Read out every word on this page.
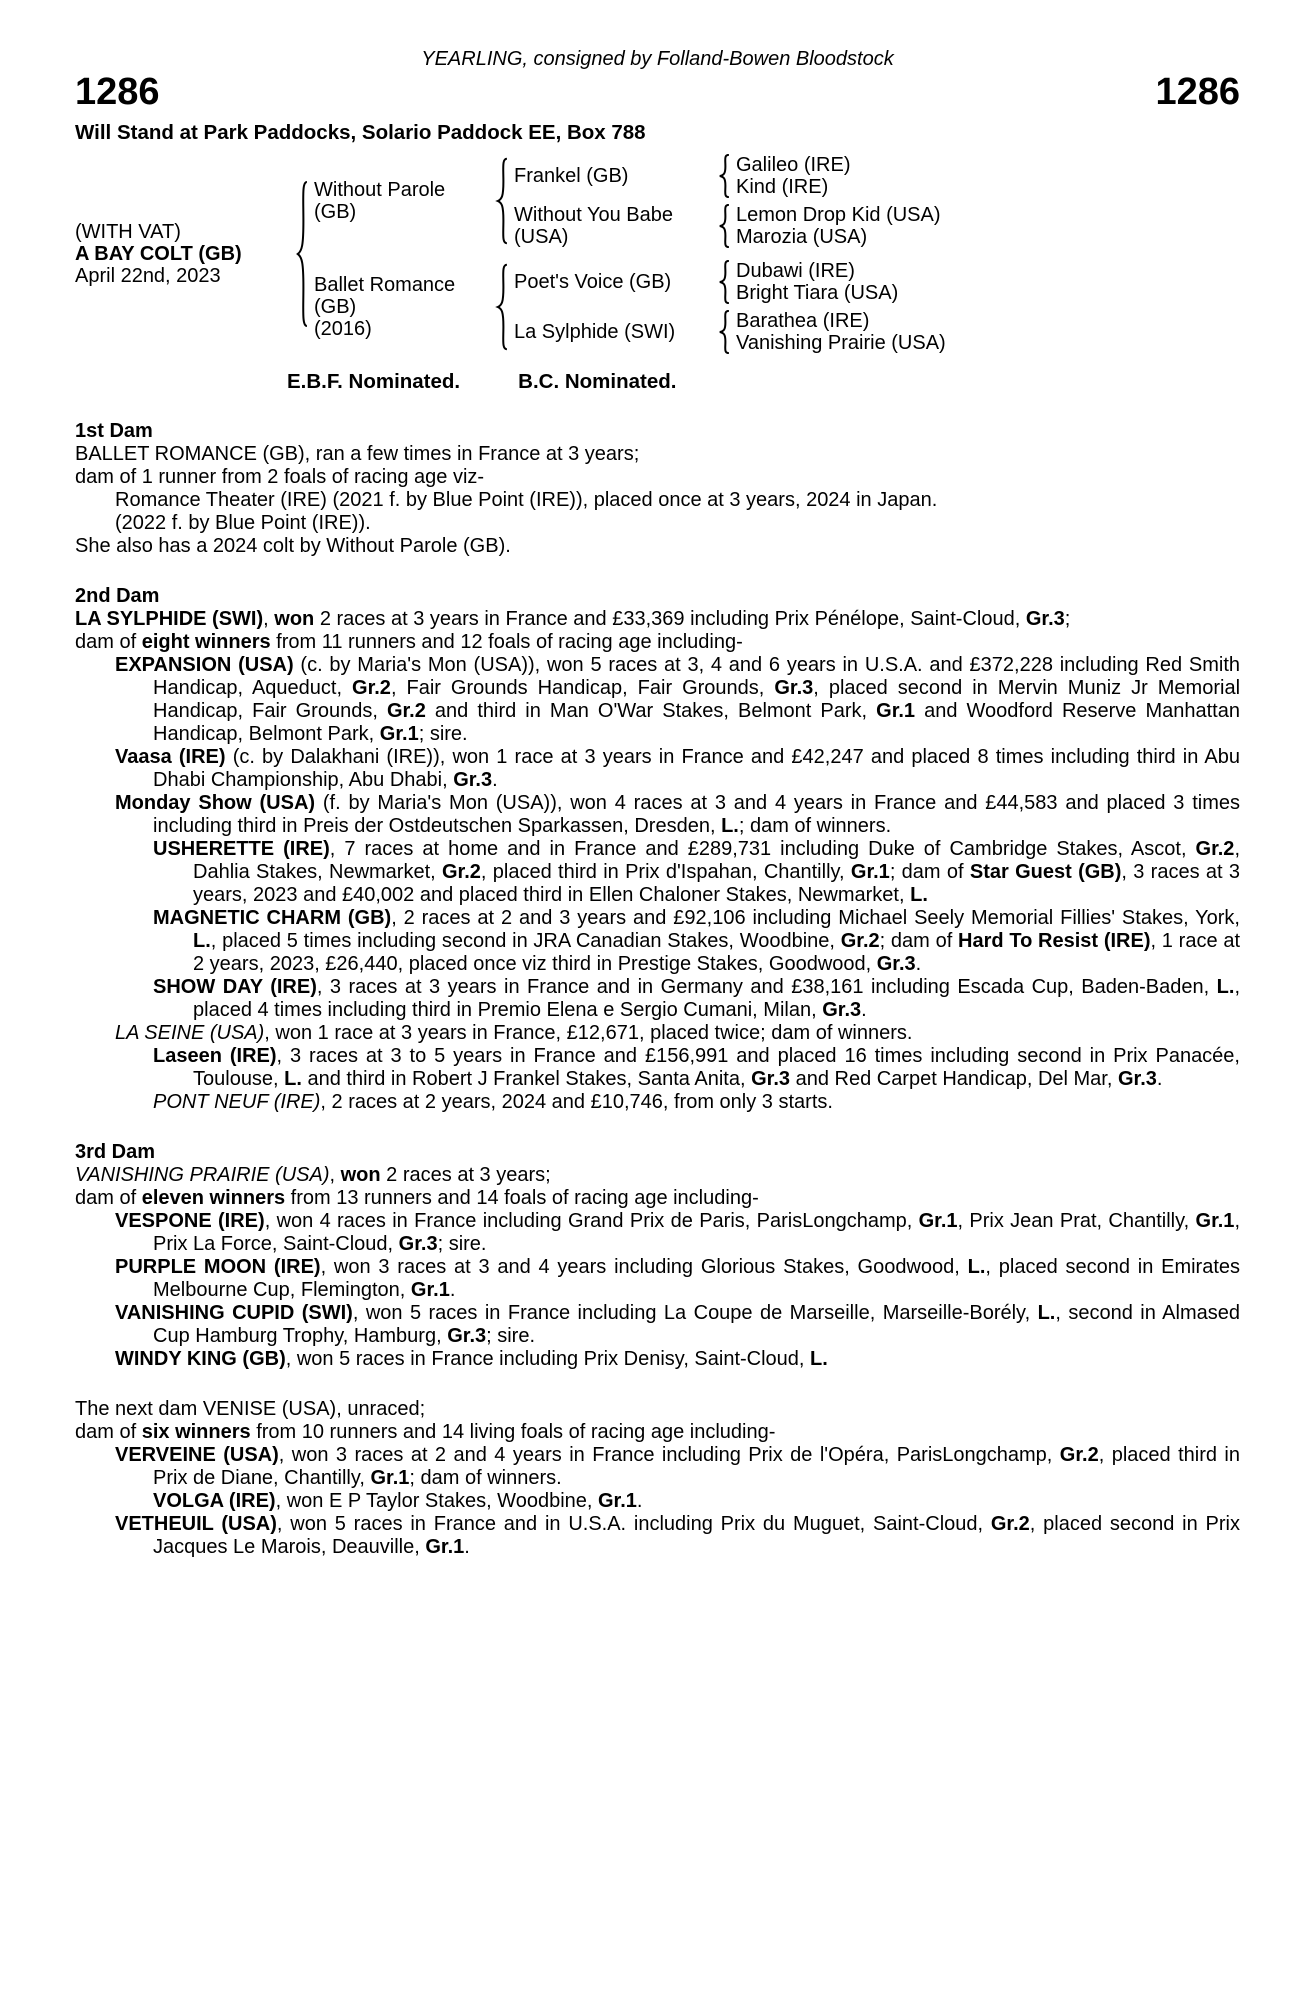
YEARLING, consigned by Folland-Bowen Bloodstock
1286	1286
Will Stand at Park Paddocks, Solario Paddock EE, Box 788
(WITH VAT)
A BAY COLT (GB)
April 22nd, 2023
Without Parole (GB)
Frankel (GB)	Galileo (IRE)
Kind (IRE)
Without You Babe (USA)
Lemon Drop Kid (USA)
Marozia (USA)
Ballet Romance (GB)
(2016)
Poet's Voice (GB)	Dubawi (IRE)
Bright Tiara (USA)
La Sylphide (SWI)	Barathea (IRE)
Vanishing Prairie (USA)
E.B.F. Nominated.	B.C. Nominated.
1st Dam

BALLET ROMANCE (GB), ran a few times in France at 3 years;

dam of 1 runner from 2 foals of racing age viz-

Romance Theater (IRE) (2021 f. by Blue Point (IRE)), placed once at 3 years, 2024 in Japan.

(2022 f. by Blue Point (IRE)).

She also has a 2024 colt by Without Parole (GB).

2nd Dam

LA SYLPHIDE (SWI), won 2 races at 3 years in France and £33,369 including Prix Pénélope, Saint-Cloud, Gr.3;

dam of eight winners from 11 runners and 12 foals of racing age including-

EXPANSION (USA) (c. by Maria's Mon (USA)), won 5 races at 3, 4 and 6 years in U.S.A. and £372,228 including Red Smith Handicap, Aqueduct, Gr.2, Fair Grounds Handicap, Fair Grounds, Gr.3, placed second in Mervin Muniz Jr Memorial Handicap, Fair Grounds, Gr.2 and third in Man O'War Stakes, Belmont Park, Gr.1 and Woodford Reserve Manhattan Handicap, Belmont Park, Gr.1; sire.

Vaasa (IRE) (c. by Dalakhani (IRE)), won 1 race at 3 years in France and £42,247 and placed 8 times including third in Abu Dhabi Championship, Abu Dhabi, Gr.3.

Monday Show (USA) (f. by Maria's Mon (USA)), won 4 races at 3 and 4 years in France and £44,583 and placed 3 times including third in Preis der Ostdeutschen Sparkassen, Dresden, L.; dam of winners.

USHERETTE (IRE), 7 races at home and in France and £289,731 including Duke of Cambridge Stakes, Ascot, Gr.2, Dahlia Stakes, Newmarket, Gr.2, placed third in Prix d'Ispahan, Chantilly, Gr.1; dam of Star Guest (GB), 3 races at 3 years, 2023 and £40,002 and placed third in Ellen Chaloner Stakes, Newmarket, L.

MAGNETIC CHARM (GB), 2 races at 2 and 3 years and £92,106 including Michael Seely Memorial Fillies' Stakes, York, L., placed 5 times including second in JRA Canadian Stakes, Woodbine, Gr.2; dam of Hard To Resist (IRE), 1 race at 2 years, 2023, £26,440, placed once viz third in Prestige Stakes, Goodwood, Gr.3.

SHOW DAY (IRE), 3 races at 3 years in France and in Germany and £38,161 including Escada Cup, Baden-Baden, L., placed 4 times including third in Premio Elena e Sergio Cumani, Milan, Gr.3.

LA SEINE (USA), won 1 race at 3 years in France, £12,671, placed twice; dam of winners.

Laseen (IRE), 3 races at 3 to 5 years in France and £156,991 and placed 16 times including second in Prix Panacée, Toulouse, L. and third in Robert J Frankel Stakes, Santa Anita, Gr.3 and Red Carpet Handicap, Del Mar, Gr.3.

PONT NEUF (IRE), 2 races at 2 years, 2024 and £10,746, from only 3 starts.

3rd Dam

VANISHING PRAIRIE (USA), won 2 races at 3 years;

dam of eleven winners from 13 runners and 14 foals of racing age including-

VESPONE (IRE), won 4 races in France including Grand Prix de Paris, ParisLongchamp, Gr.1, Prix Jean Prat, Chantilly, Gr.1, Prix La Force, Saint-Cloud, Gr.3; sire.

PURPLE MOON (IRE), won 3 races at 3 and 4 years including Glorious Stakes, Goodwood, L., placed second in Emirates Melbourne Cup, Flemington, Gr.1.

VANISHING CUPID (SWI), won 5 races in France including La Coupe de Marseille, Marseille-Borély, L., second in Almased Cup Hamburg Trophy, Hamburg, Gr.3; sire.

WINDY KING (GB), won 5 races in France including Prix Denisy, Saint-Cloud, L.

The next dam VENISE (USA), unraced;

dam of six winners from 10 runners and 14 living foals of racing age including-

VERVEINE (USA), won 3 races at 2 and 4 years in France including Prix de l'Opéra, ParisLongchamp, Gr.2, placed third in Prix de Diane, Chantilly, Gr.1; dam of winners.

VOLGA (IRE), won E P Taylor Stakes, Woodbine, Gr.1.

VETHEUIL (USA), won 5 races in France and in U.S.A. including Prix du Muguet, Saint-Cloud, Gr.2, placed second in Prix Jacques Le Marois, Deauville, Gr.1.
